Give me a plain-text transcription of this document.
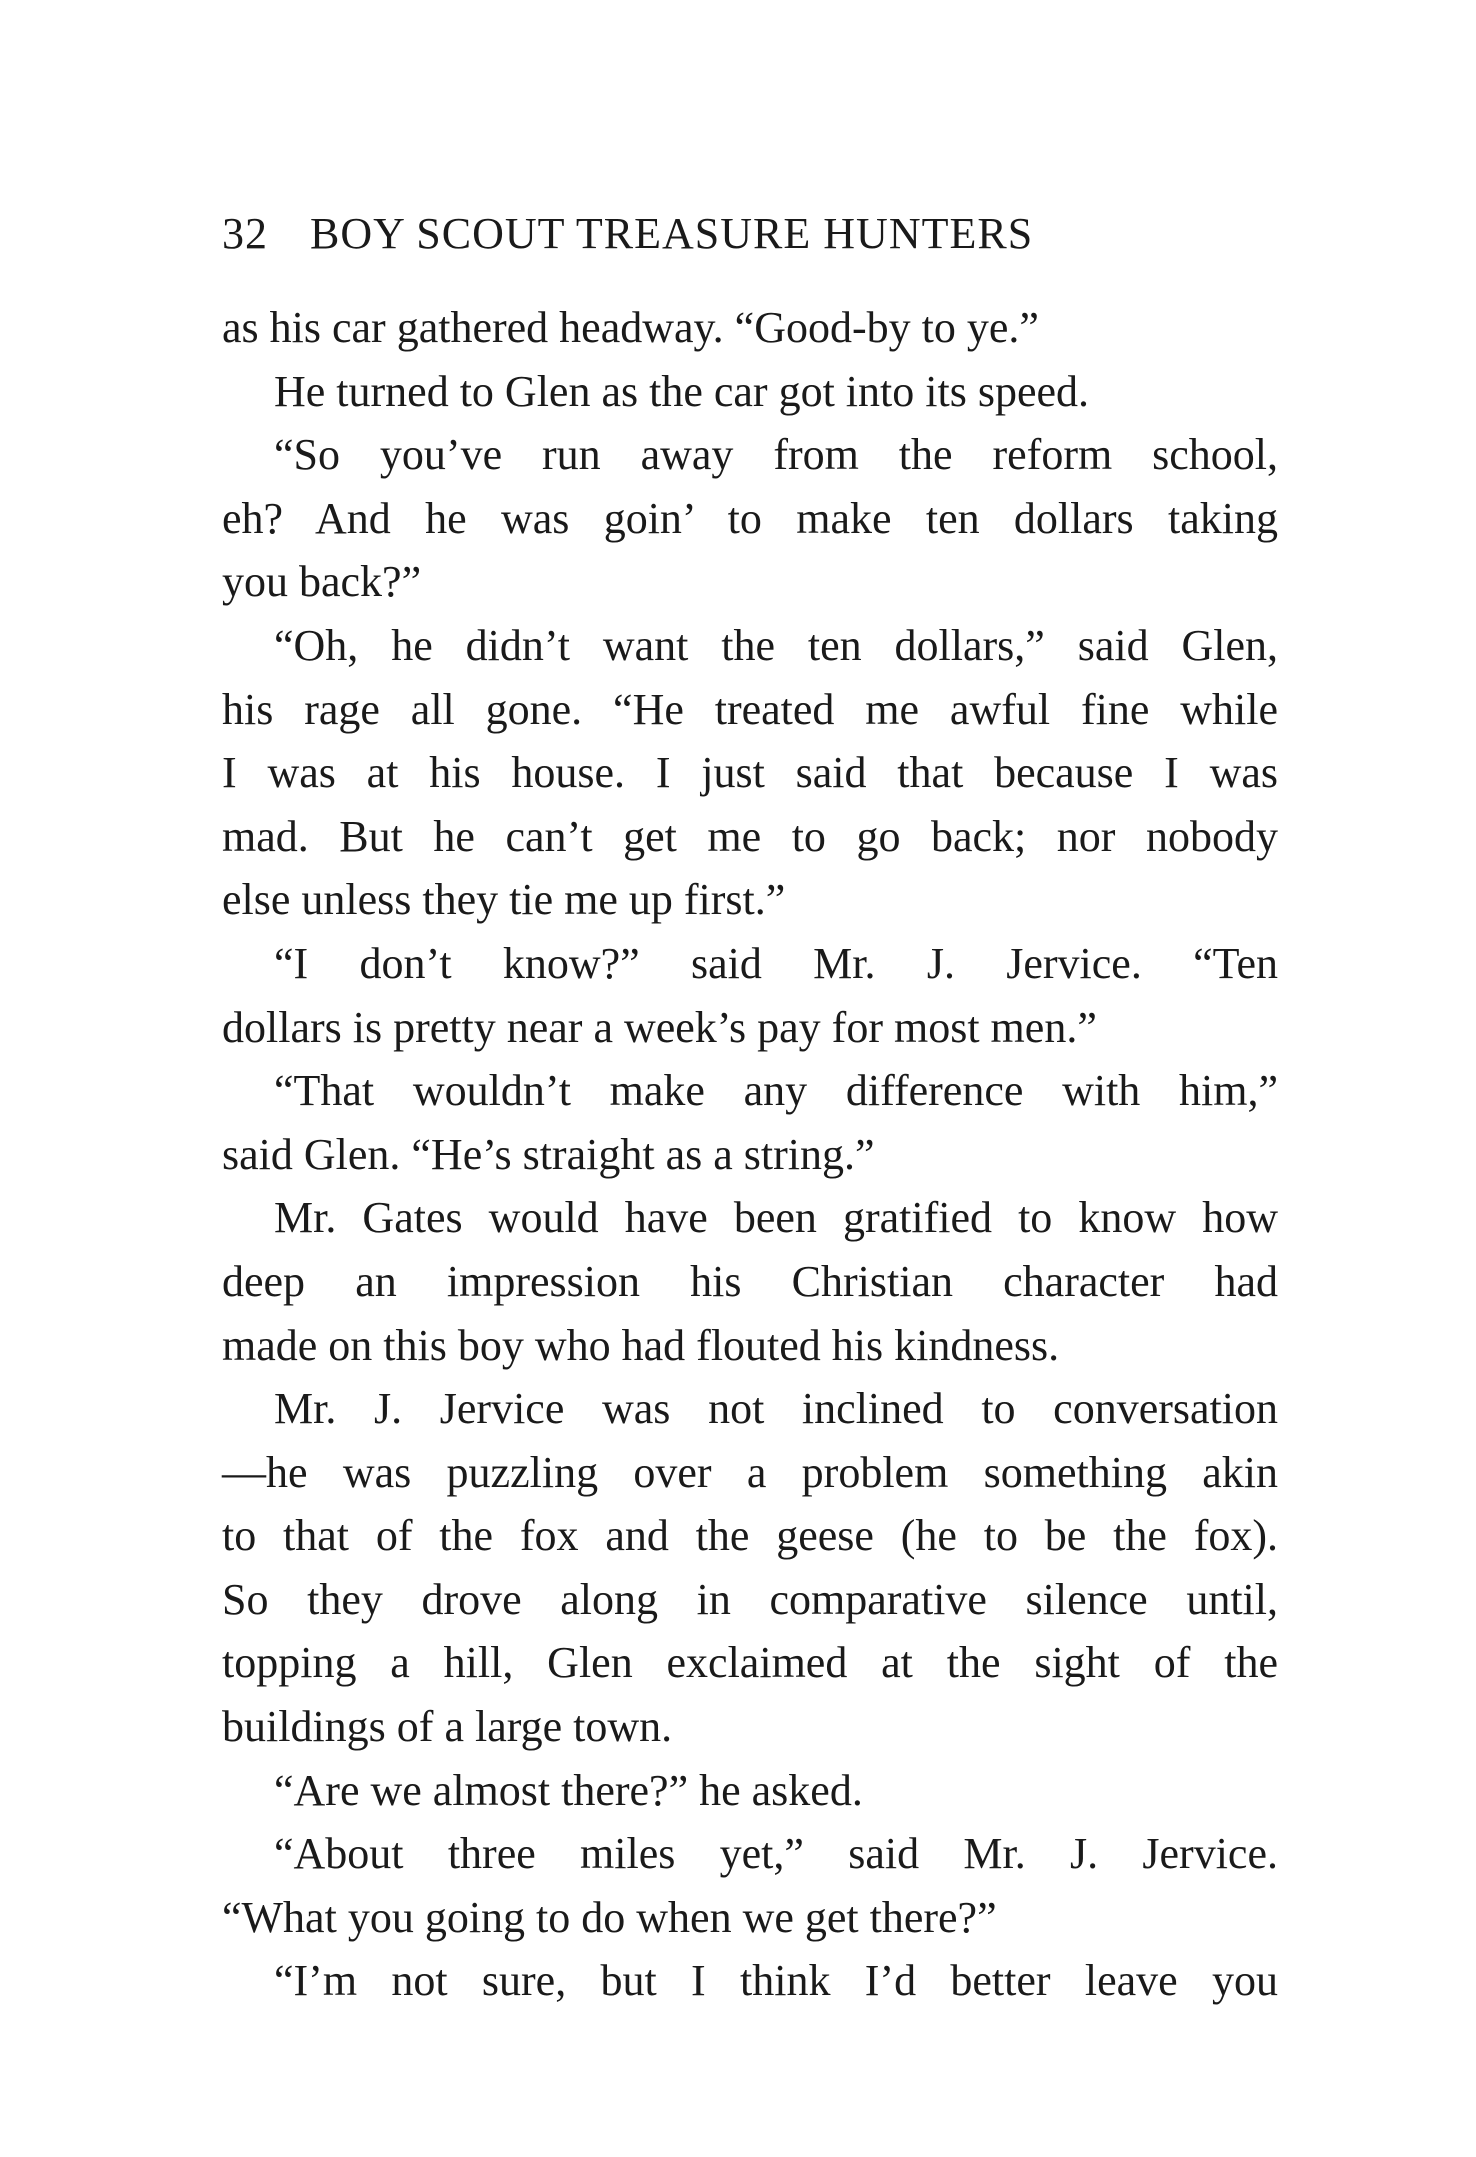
32 BOY SCOUT TREASURE HUNTERS
as his car gathered headway. “Good-by to ye.”
He turned to Glen as the car got into its speed.
“So you’ve run away from the reform school,
eh? And he was goin’ to make ten dollars taking
you back?”
“Oh, he didn’t want the ten dollars,” said Glen,
his rage all gone. “He treated me awful fine while
I was at his house. I just said that because I was
mad. But he can’t get me to go back; nor nobody
else unless they tie me up first.”
“I don’t know?” said Mr. J. Jervice. “Ten
dollars is pretty near a week’s pay for most men.”
“That wouldn’t make any difference with him,”
said Glen. “He’s straight as a string.”
Mr. Gates would have been gratified to know how
deep an impression his Christian character had
made on this boy who had flouted his kindness.
Mr. J. Jervice was not inclined to conversation
—he was puzzling over a problem something akin
to that of the fox and the geese (he to be the fox).
So they drove along in comparative silence until,
topping a hill, Glen exclaimed at the sight of the
buildings of a large town.
“Are we almost there?” he asked.
“About three miles yet,” said Mr. J. Jervice.
“What you going to do when we get there?”
“I’m not sure, but I think I’d better leave you
